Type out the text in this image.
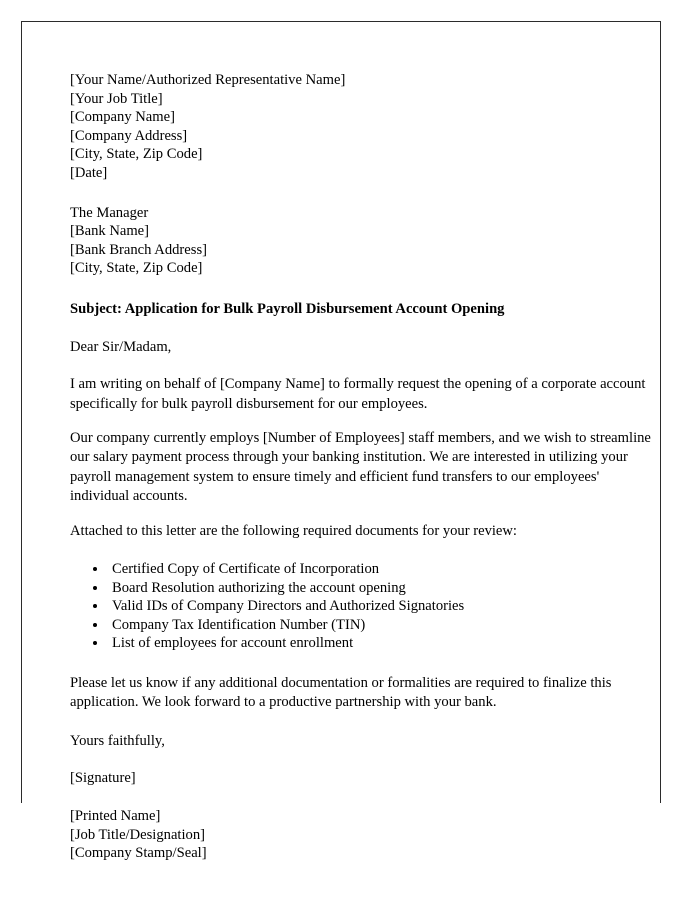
[Your Name/Authorized Representative Name]
[Your Job Title]
[Company Name]
[Company Address]
[City, State, Zip Code]
[Date]
The Manager
[Bank Name]
[Bank Branch Address]
[City, State, Zip Code]

Subject: Application for Bulk Payroll Disbursement Account Opening

Dear Sir/Madam,

I am writing on behalf of [Company Name] to formally request the opening of a corporate account specifically for bulk payroll disbursement for our employees.

Our company currently employs [Number of Employees] staff members, and we wish to streamline our salary payment process through your banking institution. We are interested in utilizing your payroll management system to ensure timely and efficient fund transfers to our employees' individual accounts.

Attached to this letter are the following required documents for your review:

• Certified Copy of Certificate of Incorporation
• Board Resolution authorizing the account opening
• Valid IDs of Company Directors and Authorized Signatories
• Company Tax Identification Number (TIN)
• List of employees for account enrollment

Please let us know if any additional documentation or formalities are required to finalize this application. We look forward to a productive partnership with your bank.

Yours faithfully,

[Signature]

[Printed Name]
[Job Title/Designation]
[Company Stamp/Seal]
